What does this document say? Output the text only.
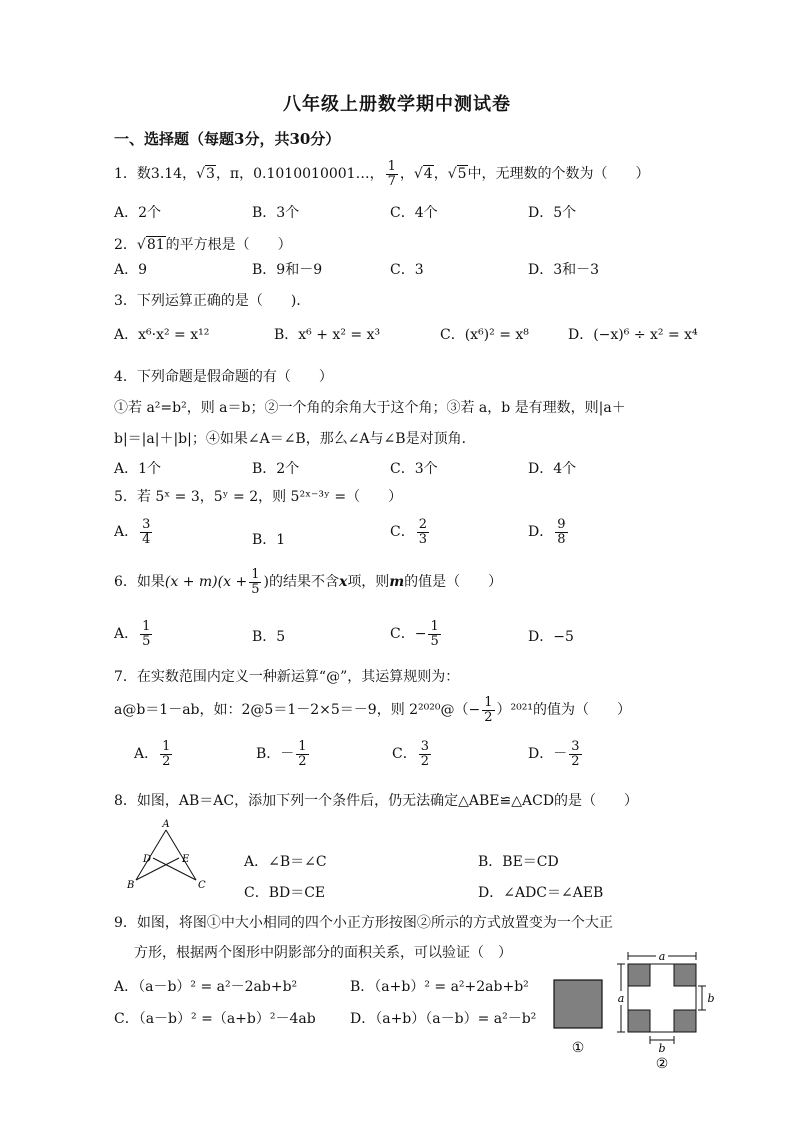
八年级上册数学期中测试卷
一、选择题（每题3分，共30分）
1．数3.14，√3，π，0.1010010001…， $\frac{1}{7}$ ，√4，√5中，无理数的个数为（　　）
A．2个	B．3个	C．4个	D．5个
2．√81的平方根是（　　）
A．9	B．9和－9	C．3	D．3和－3
3．下列运算正确的是（　　)．
A．x⁶·x² = x¹²	B．x⁶ + x² = x³	C．(x⁶)² = x⁸	D．(−x)⁶ ÷ x² = x⁴
4．下列命题是假命题的有（　　）
①若 a²=b²，则 a＝b；②一个角的余角大于这个角；③若 a，b 是有理数，则|a＋
b|＝|a|＋|b|；④如果∠A＝∠B，那么∠A与∠B是对顶角．
A．1个	B．2个	C．3个	D．4个
5．若 5ˣ = 3，5ʸ = 2，则 5²ˣ⁻³ʸ =（　　）
A． $\frac{3}{4}$	B．1	C． $\frac{2}{3}$	D． $\frac{9}{8}$
6．如果$(x + m)(x + \frac{1}{5}$ )的结果不含x项，则m的值是（　　）
A． $\frac{1}{5}$	B．5	C．− $\frac{1}{5}$	D．−5
7．在实数范围内定义一种新运算“@”，其运算规则为：
a@b＝1－ab，如：2@5＝1－2×5＝－9，则 2²⁰²⁰@（− $\frac{1}{2} )^{2021}$的值为（　　）
A． $\frac{1}{2}$	B．－ $\frac{1}{2}$	C． $\frac{3}{2}$	D．－ $\frac{3}{2}$
8．如图，AB＝AC，添加下列一个条件后，仍无法确定△ABE≌△ACD的是（　　）
A
D	E
B	C
A．∠B＝∠C	B．BE＝CD
C．BD＝CE	D．∠ADC＝∠AEB
9．如图，将图①中大小相同的四个小正方形按图②所示的方式放置变为一个大正
方形，根据两个图形中阴影部分的面积关系，可以验证（　）
A．（a－b）² = a²－2ab+b²	B．（a+b）² = a²+2ab+b²
C．（a－b）² =（a+b）²－4ab D．（a+b）（a－b）= a²－b²
①
a
a	b
b
②
